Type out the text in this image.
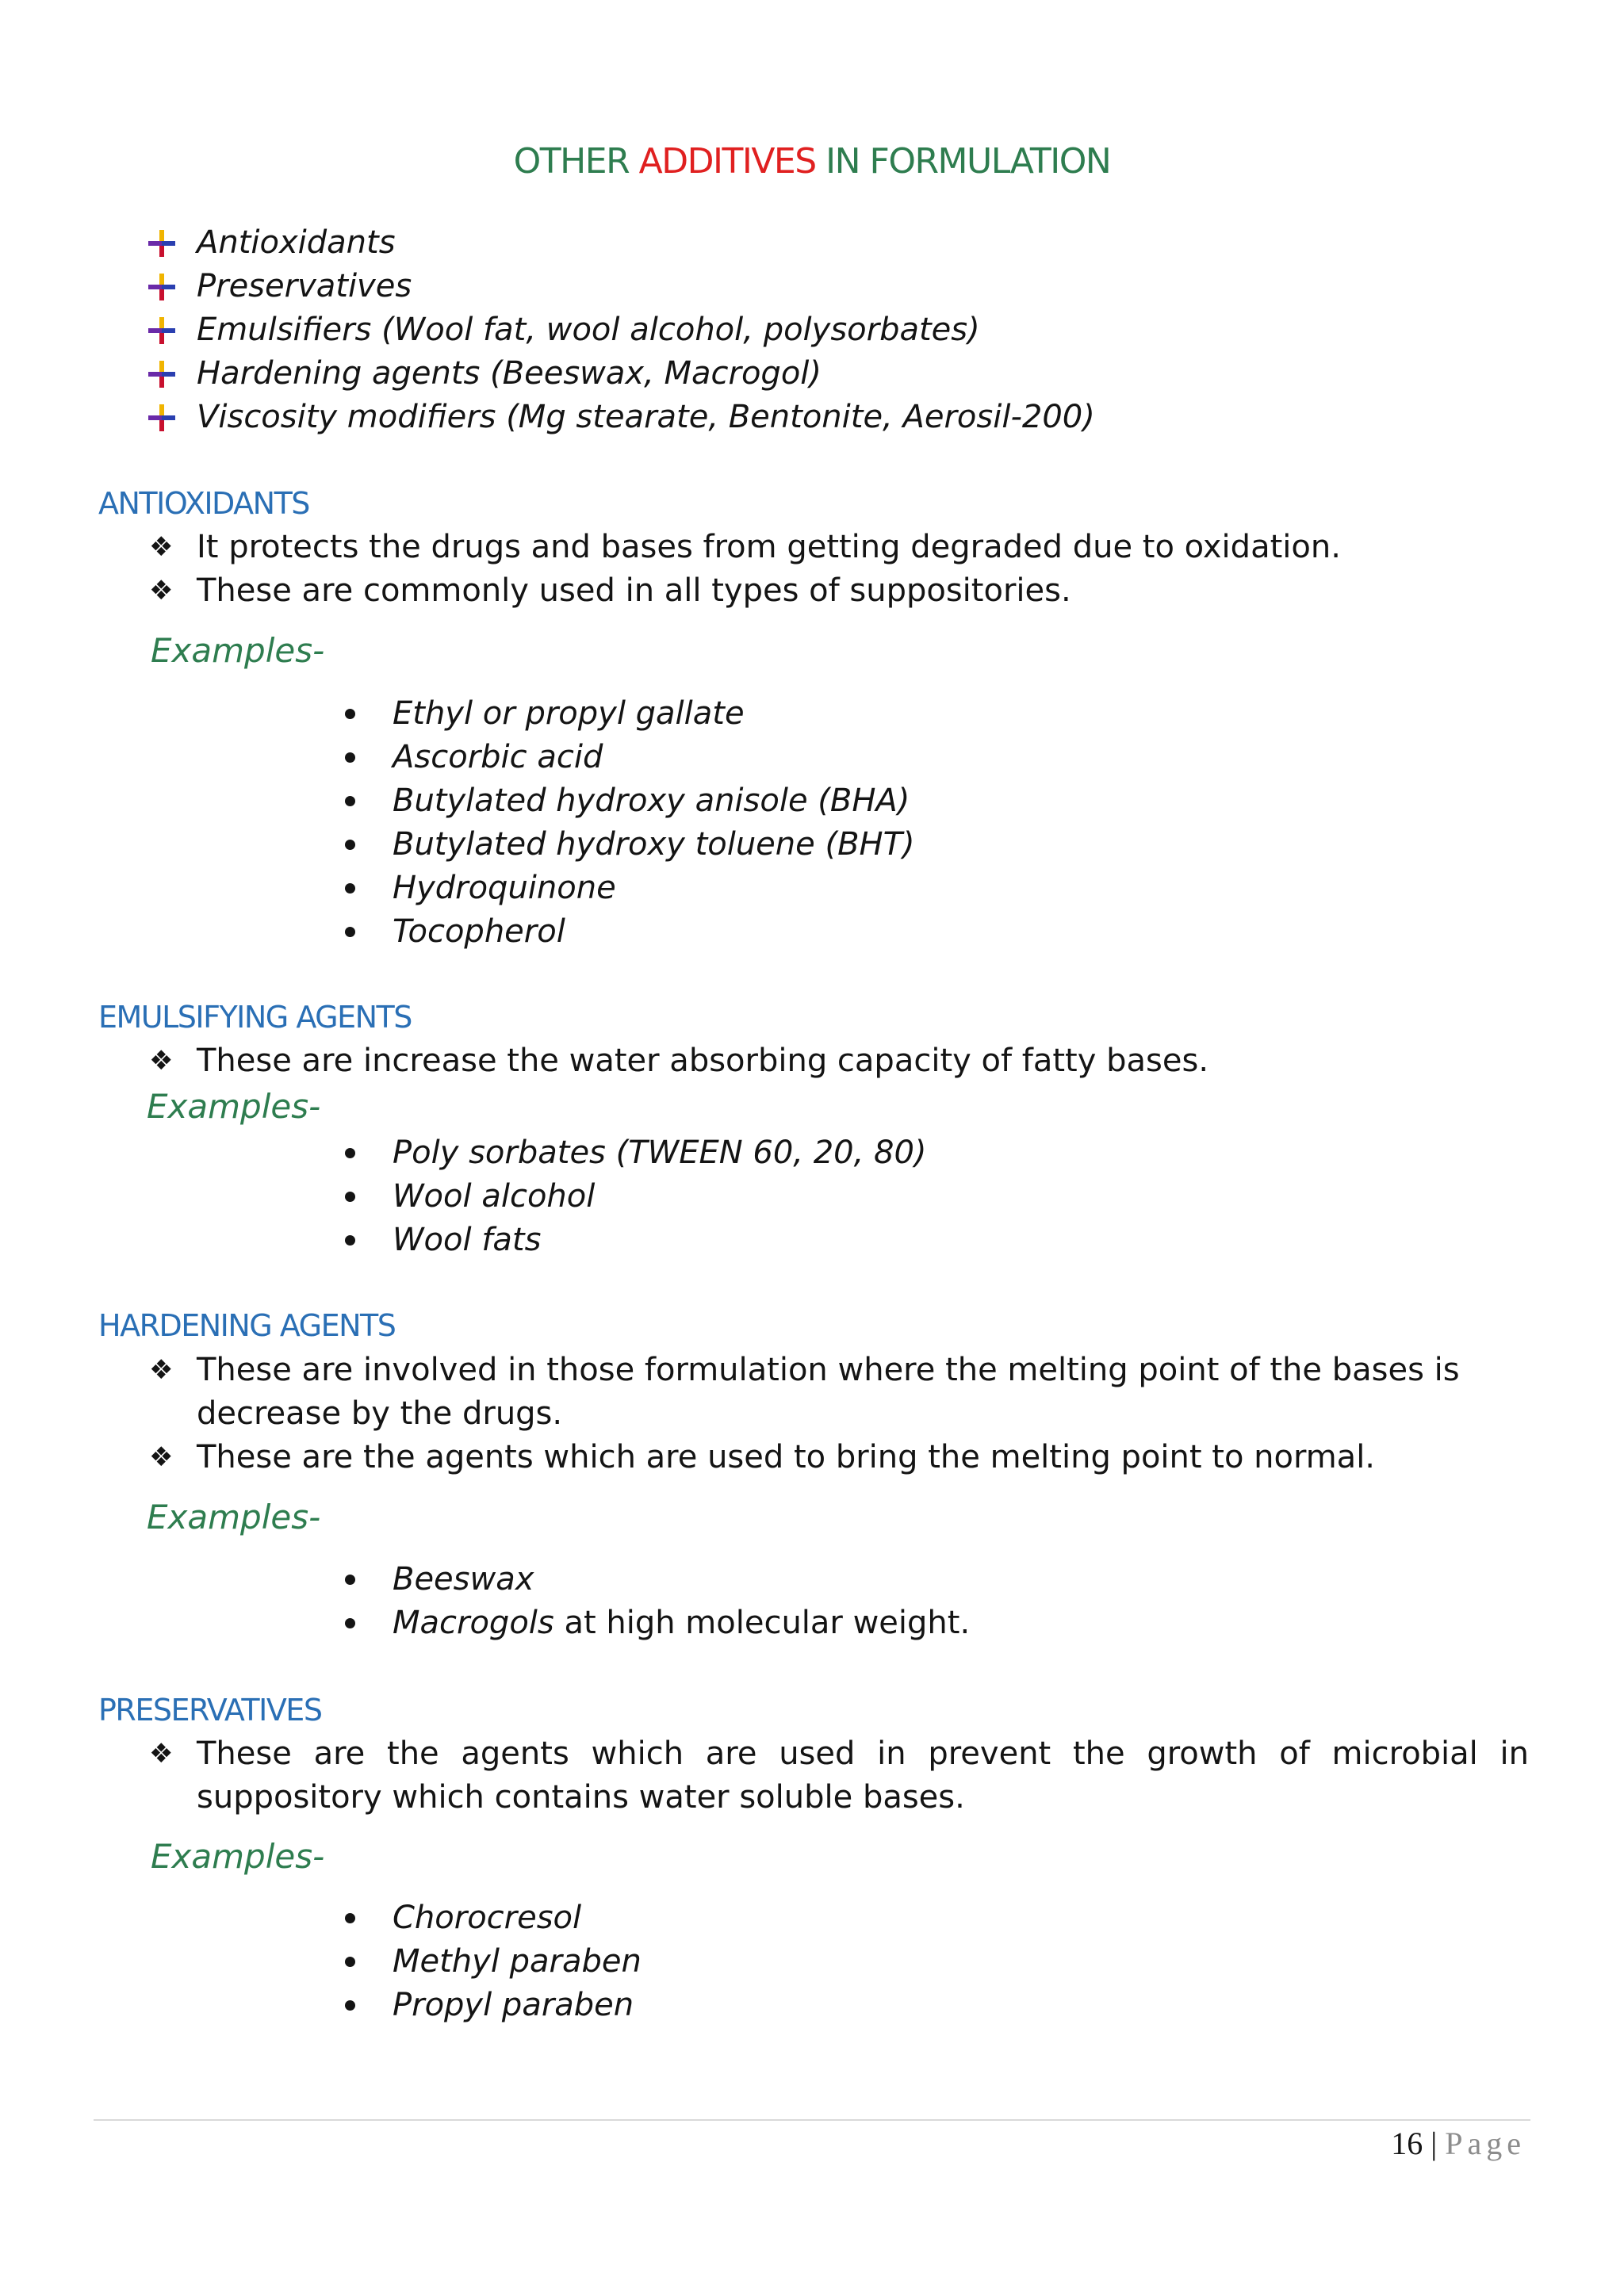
OTHER ADDITIVES IN FORMULATION

Antioxidants

Preservatives

Emulsifiers (Wool fat, wool alcohol, polysorbates)

Hardening agents (Beeswax, Macrogol)

Viscosity modifiers (Mg stearate, Bentonite, Aerosil-200)

ANTIOXIDANTS

❖ It protects the drugs and bases from getting degraded due to oxidation.

❖ These are commonly used in all types of suppositories.

Examples-

Ethyl or propyl gallate

Ascorbic acid

Butylated hydroxy anisole (BHA)

Butylated hydroxy toluene (BHT)

Hydroquinone

Tocopherol

EMULSIFYING AGENTS

❖ These are increase the water absorbing capacity of fatty bases.

Examples-

Poly sorbates (TWEEN 60, 20, 80)

Wool alcohol

Wool fats

HARDENING AGENTS

❖ These are involved in those formulation where the melting point of the bases is decrease by the drugs.

❖ These are the agents which are used to bring the melting point to normal.

Examples-

Beeswax

Macrogols at high molecular weight.

PRESERVATIVES

❖ These are the agents which are used in prevent the growth of microbial in suppository which contains water soluble bases.

Examples-

Chorocresol

Methyl paraben

Propyl paraben

16 | Page
